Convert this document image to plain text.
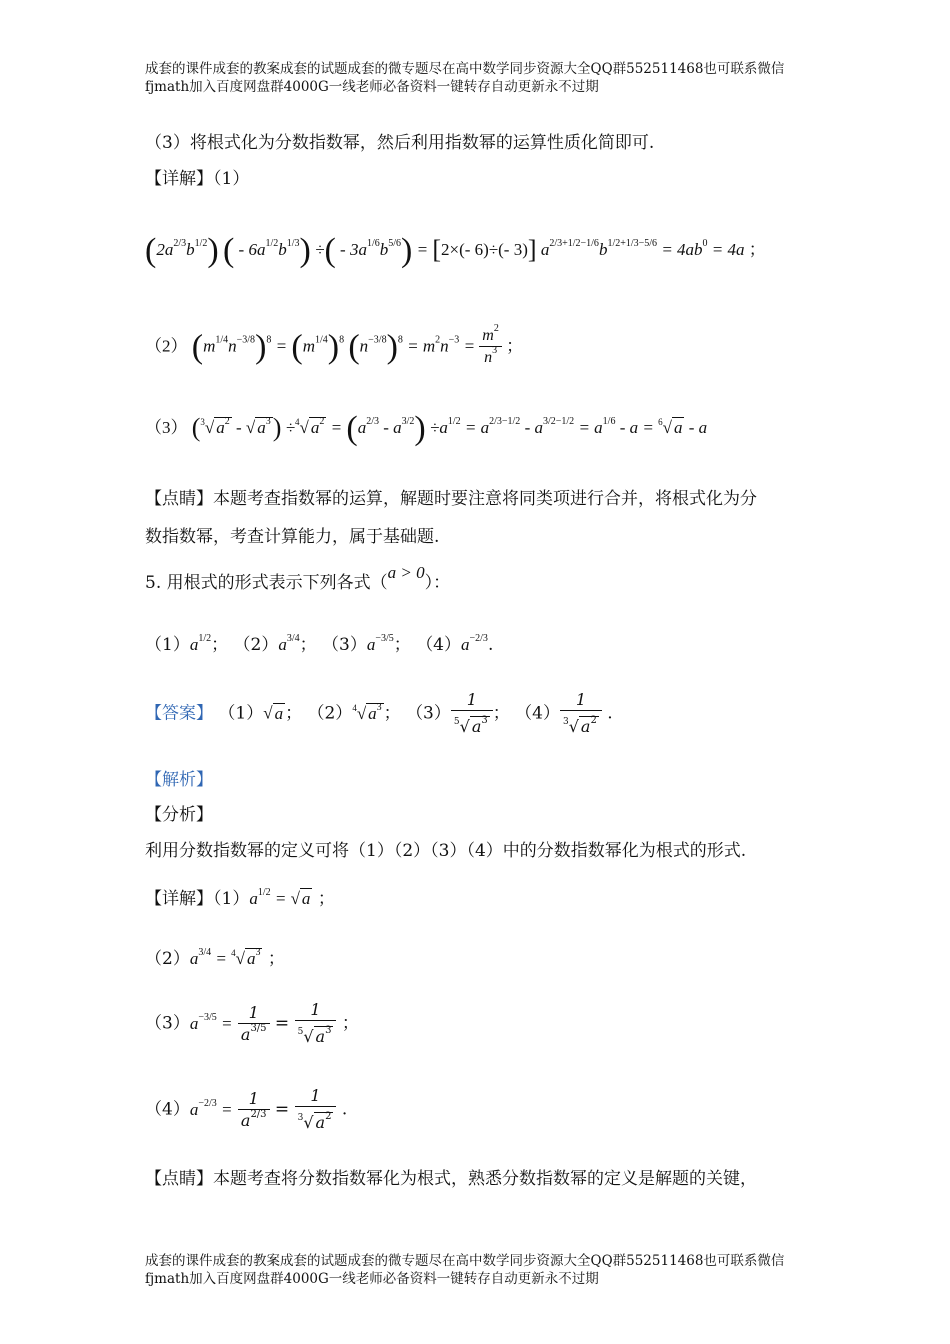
成套的课件成套的教案成套的试题成套的微专题尽在高中数学同步资源大全QQ群552511468也可联系微信fjmath加入百度网盘群4000G一线老师必备资料一键转存自动更新永不过期
（3）将根式化为分数指数幂，然后利用指数幂的运算性质化简即可.
【详解】（1）
$(2a^{2/3}b^{1/2})$ ( - $6a^{1/2}b^{1/3}$) ÷( - $3a^{1/6}b^{5/6}) = [2\times(-$ 6)÷(- 3)] $a^{2/3+1/2-1/6}b^{1/2+1/3-5/6} = 4ab^0 = 4a$ ；
（2） $(m^{1/4}n^{-3/8})^8 = (m^{1/4})^8$ $(n^{-3/8})^8 = m^2n^{-3} = \frac{m^2}{n^3}$ ；
（3） ($^3$√ $a^2$ - √ $a^3) \div^4√$ $a^2 = (a^{2/3} - a^{3/2}) \div a^{1/2} = a^{2/3-1/2} - a^{3/2-1/2} = a^{1/6} - a = ^6√$ a - a
【点睛】本题考查指数幂的运算，解题时要注意将同类项进行合并，将根式化为分
数指数幂，考查计算能力，属于基础题.
5. 用根式的形式表示下列各式（a > 0）：
$(1)a^{1/2}$； $(2)a^{3/4}$； $(3)a^{-3/5}$； $(4)a^{-2/3}$.
【答案】 （1）√ a ； $(2)^4√$ $a^3$ ； $(3) \frac{1}{^5√ a^3}$ ； $(4) \frac{1}{^3√ a^2}$ .
【解析】
【分析】
利用分数指数幂的定义可将（1）（2）（3）（4）中的分数指数幂化为根式的形式.
【详解】$(1)a^{1/2}$ = √ a ；
$(2)a^{3/4} = ^4√$ $a^3$ ；
$(3)a^{-3/5} = \frac{1}{a^{3/5}} = \frac{1}{^5√ a^3}$ ；
$(4)a^{-2/3} = \frac{1}{a^{2/3}} = \frac{1}{^3√ a^2}$ .
【点睛】本题考查将分数指数幂化为根式，熟悉分数指数幂的定义是解题的关键，
成套的课件成套的教案成套的试题成套的微专题尽在高中数学同步资源大全QQ群552511468也可联系微信fjmath加入百度网盘群4000G一线老师必备资料一键转存自动更新永不过期
